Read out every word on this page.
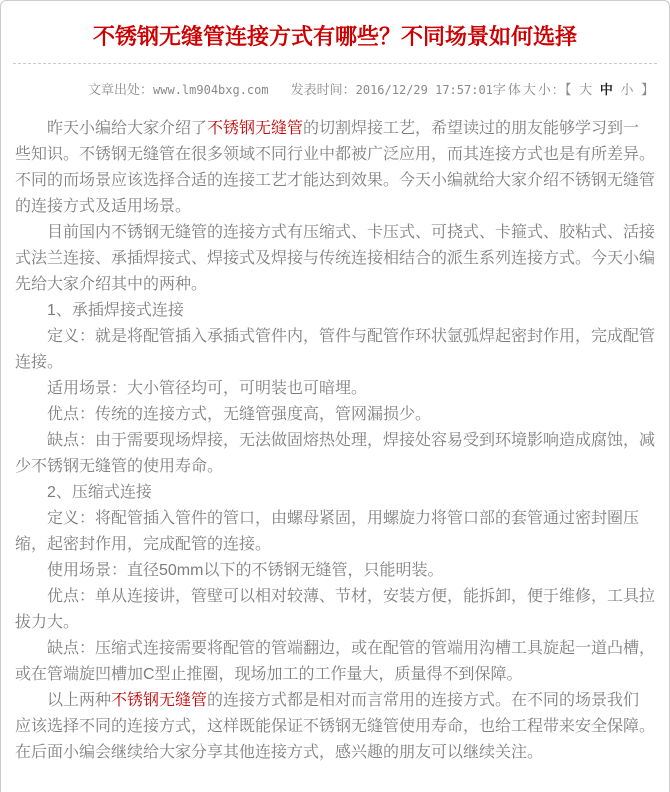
不锈钢无缝管连接方式有哪些？不同场景如何选择
文章出处：www.lm904bxg.com 发表时间：2016/12/29 17:57:01 字体大小:【 大 中 小 】

昨天小编给大家介绍了不锈钢无缝管的切割焊接工艺，希望读过的朋友能够学习到一些知识。不锈钢无缝管在很多领域不同行业中都被广泛应用，而其连接方式也是有所差异。不同的而场景应该选择合适的连接工艺才能达到效果。今天小编就给大家介绍不锈钢无缝管的连接方式及适用场景。

目前国内不锈钢无缝管的连接方式有压缩式、卡压式、可挠式、卡箍式、胶粘式、活接式法兰连接、承插焊接式、焊接式及焊接与传统连接相结合的派生系列连接方式。今天小编先给大家介绍其中的两种。

1、承插焊接式连接

定义：就是将配管插入承插式管件内，管件与配管作环状氩弧焊起密封作用，完成配管连接。

适用场景：大小管径均可，可明装也可暗埋。

优点：传统的连接方式，无缝管强度高，管网漏损少。

缺点：由于需要现场焊接，无法做固熔热处理，焊接处容易受到环境影响造成腐蚀，减少不锈钢无缝管的使用寿命。

2、压缩式连接

定义：将配管插入管件的管口，由螺母紧固，用螺旋力将管口部的套管通过密封圈压缩，起密封作用，完成配管的连接。

使用场景：直径50mm以下的不锈钢无缝管，只能明装。

优点：单从连接讲，管壁可以相对较薄、节材，安装方便，能拆卸，便于维修，工具拉拔力大。

缺点：压缩式连接需要将配管的管端翻边，或在配管的管端用沟槽工具旋起一道凸槽，或在管端旋凹槽加C型止推圈，现场加工的工作量大，质量得不到保障。

以上两种不锈钢无缝管的连接方式都是相对而言常用的连接方式。在不同的场景我们应该选择不同的连接方式，这样既能保证不锈钢无缝管使用寿命，也给工程带来安全保障。在后面小编会继续给大家分享其他连接方式，感兴趣的朋友可以继续关注。
